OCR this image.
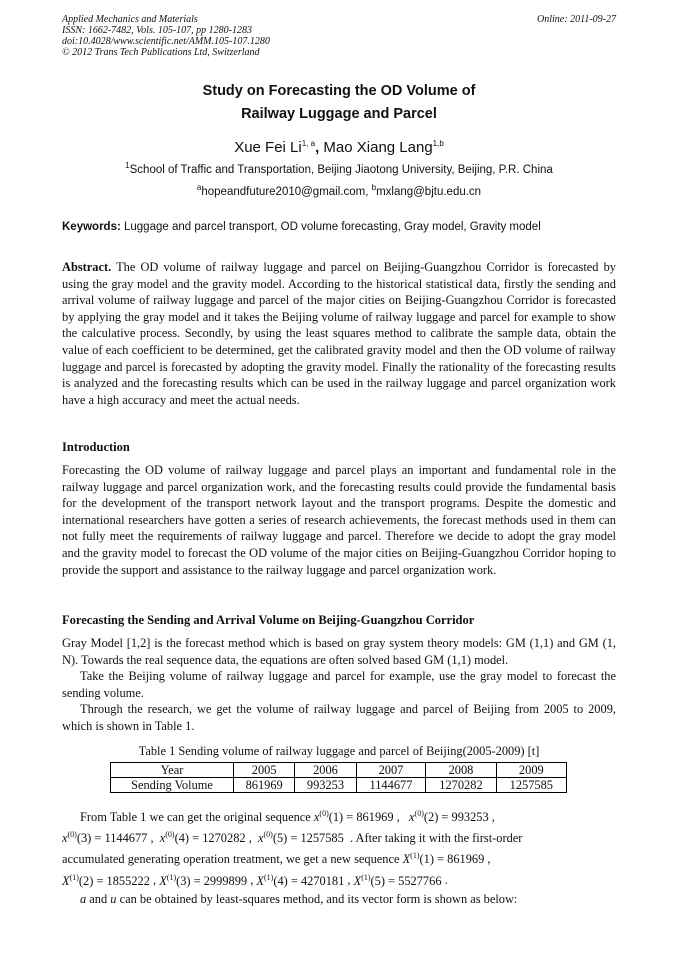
Applied Mechanics and Materials
ISSN: 1662-7482, Vols. 105-107, pp 1280-1283
doi:10.4028/www.scientific.net/AMM.105-107.1280
© 2012 Trans Tech Publications Ltd, Switzerland
Online: 2011-09-27
Study on Forecasting the OD Volume of
Railway Luggage and Parcel
Xue Fei Li$^{1, a}$, Mao Xiang Lang$^{1,b}$
$^1$School of Traffic and Transportation, Beijing Jiaotong University, Beijing, P.R. China
$^a$hopeandfuture2010@gmail.com, $^b$mxlang@bjtu.edu.cn
Keywords: Luggage and parcel transport, OD volume forecasting, Gray model, Gravity model
Abstract. The OD volume of railway luggage and parcel on Beijing-Guangzhou Corridor is forecasted by using the gray model and the gravity model. According to the historical statistical data, firstly the sending and arrival volume of railway luggage and parcel of the major cities on Beijing-Guangzhou Corridor is forecasted by applying the gray model and it takes the Beijing volume of railway luggage and parcel for example to show the calculative process. Secondly, by using the least squares method to calibrate the sample data, obtain the value of each coefficient to be determined, get the calibrated gravity model and then the OD volume of railway luggage and parcel is forecasted by adopting the gravity model. Finally the rationality of the forecasting results is analyzed and the forecasting results which can be used in the railway luggage and parcel organization work have a high accuracy and meet the actual needs.
Introduction
Forecasting the OD volume of railway luggage and parcel plays an important and fundamental role in the railway luggage and parcel organization work, and the forecasting results could provide the fundamental basis for the development of the transport network layout and the transport programs. Despite the domestic and international researchers have gotten a series of research achievements, the forecast methods used in them can not fully meet the requirements of railway luggage and parcel. Therefore we decide to adopt the gray model and the gravity model to forecast the OD volume of the major cities on Beijing-Guangzhou Corridor hoping to provide the support and assistance to the railway luggage and parcel organization work.
Forecasting the Sending and Arrival Volume on Beijing-Guangzhou Corridor
Gray Model [1,2] is the forecast method which is based on gray system theory models: GM (1,1) and GM (1, N). Towards the real sequence data, the equations are often solved based GM (1,1) model.
Take the Beijing volume of railway luggage and parcel for example, use the gray model to forecast the sending volume.
Through the research, we get the volume of railway luggage and parcel of Beijing from 2005 to 2009, which is shown in Table 1.
Table 1 Sending volume of railway luggage and parcel of Beijing(2005-2009) [t]
Year	2005	2006	2007	2008	2009
Sending Volume	861969	993253	1144677	1270282	1257585
From Table 1 we can get the original sequence $x^{(0)}(1) = 861969$ ,   $x^{(0)}(2) = 993253$ ,
$x^{(0)}(3) = 1144677$ ,  $x^{(0)}(4) = 1270282$ ,  $x^{(0)}(5) = 1257585$ . After taking it with the first-order
accumulated generating operation treatment, we get a new sequence $X^{(1)}(1) = 861969$ ,
$X^{(1)}(2) = 1855222$ , $X^{(1)}(3) = 2999899$ , $X^{(1)}(4) = 4270181$ , $X^{(1)}(5) = 5527766$ .
a and u can be obtained by least-squares method, and its vector form is shown as below:
